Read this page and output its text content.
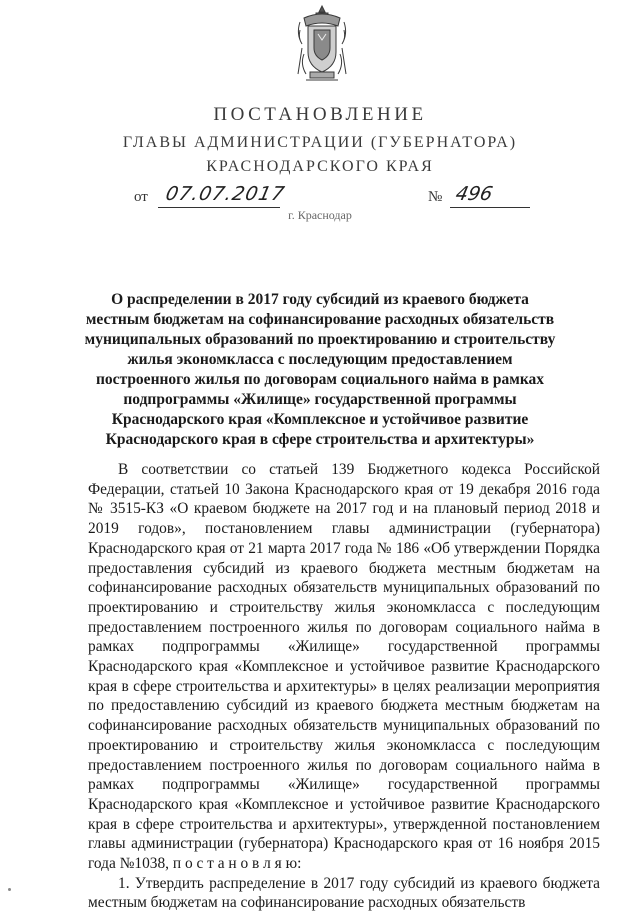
ПОСТАНОВЛЕНИЕ
ГЛАВЫ АДМИНИСТРАЦИИ (ГУБЕРНАТОРА)
КРАСНОДАРСКОГО КРАЯ
от 07.07.2017	№ 496
г. Краснодар
О распределении в 2017 году субсидий из краевого бюджета местным бюджетам на софинансирование расходных обязательств муниципальных образований по проектированию и строительству жилья экономкласса с последующим предоставлением построенного жилья по договорам социального найма в рамках подпрограммы «Жилище» государственной программы Краснодарского края «Комплексное и устойчивое развитие Краснодарского края в сфере строительства и архитектуры»

В соответствии со статьей 139 Бюджетного кодекса Российской Федерации, статьей 10 Закона Краснодарского края от 19 декабря 2016 года № 3515-КЗ «О краевом бюджете на 2017 год и на плановый период 2018 и 2019 годов», постановлением главы администрации (губернатора) Краснодарского края от 21 марта 2017 года № 186 «Об утверждении Порядка предоставления субсидий из краевого бюджета местным бюджетам на софинансирование расходных обязательств муниципальных образований по проектированию и строительству жилья экономкласса с последующим предоставлением построенного жилья по договорам социального найма в рамках подпрограммы «Жилище» государственной программы Краснодарского края «Комплексное и устойчивое развитие Краснодарского края в сфере строительства и архитектуры» в целях реализации мероприятия по предоставлению субсидий из краевого бюджета местным бюджетам на софинансирование расходных обязательств муниципальных образований по проектированию и строительству жилья экономкласса с последующим предоставлением построенного жилья по договорам социального найма в рамках подпрограммы «Жилище» государственной программы Краснодарского края «Комплексное и устойчивое развитие Краснодарского края в сфере строительства и архитектуры», утвержденной постановлением главы администрации (губернатора) Краснодарского края от 16 ноября 2015 года №1038, п о с т а н о в л я ю:

1. Утвердить распределение в 2017 году субсидий из краевого бюджета местным бюджетам на софинансирование расходных обязательств
